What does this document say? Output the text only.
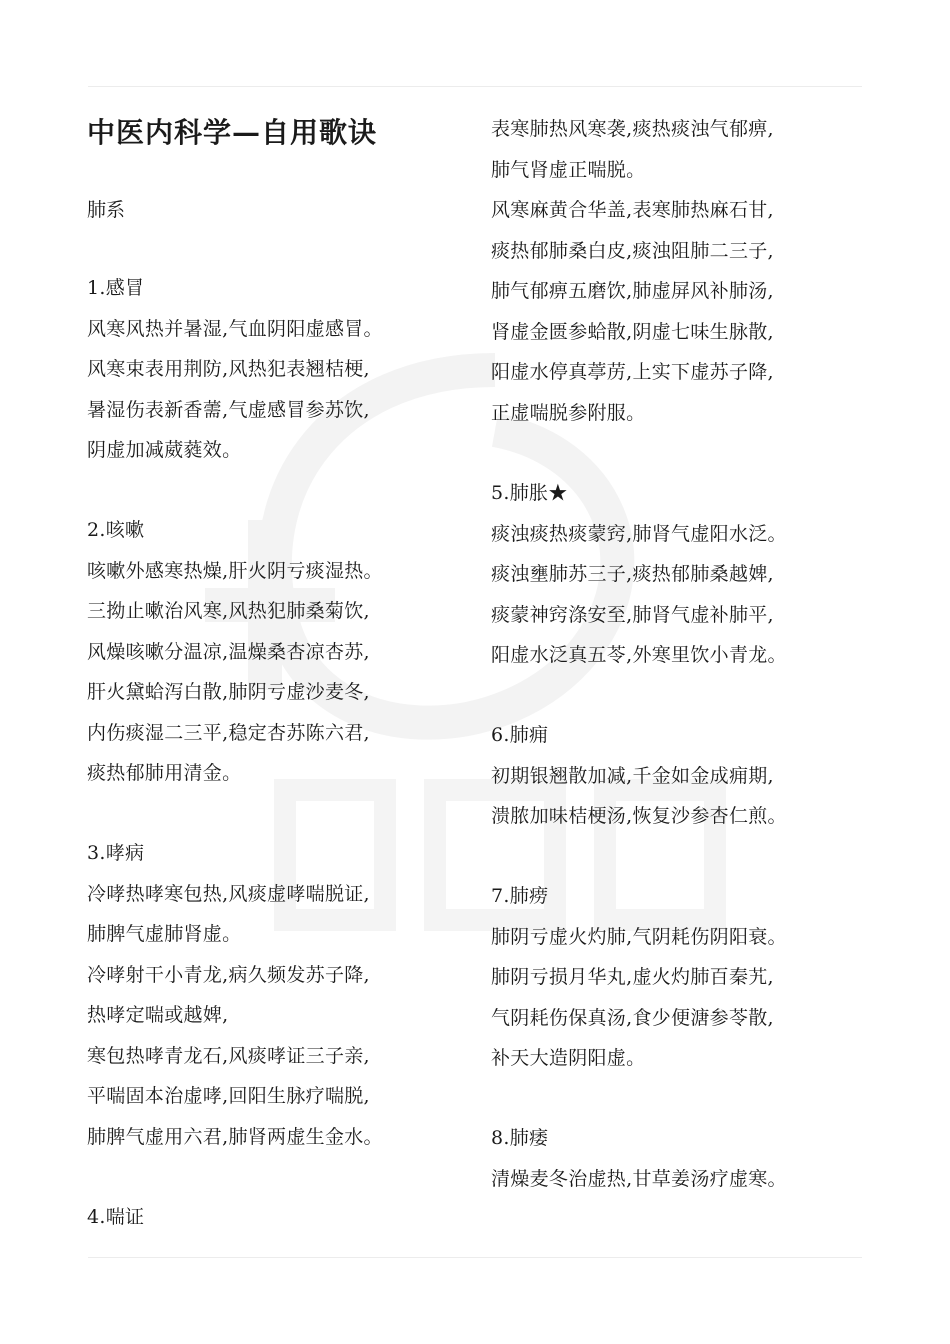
中医内科学—自用歌诀
肺系
1.感冒
风寒风热并暑湿,气血阴阳虚感冒。
风寒束表用荆防,风热犯表翘桔梗,
暑湿伤表新香薷,气虚感冒参苏饮,
阴虚加减葳蕤效。
2.咳嗽
咳嗽外感寒热燥,肝火阴亏痰湿热。
三拗止嗽治风寒,风热犯肺桑菊饮,
风燥咳嗽分温凉,温燥桑杏凉杏苏,
肝火黛蛤泻白散,肺阴亏虚沙麦冬,
内伤痰湿二三平,稳定杏苏陈六君,
痰热郁肺用清金。
3.哮病
冷哮热哮寒包热,风痰虚哮喘脱证,
肺脾气虚肺肾虚。
冷哮射干小青龙,病久频发苏子降,
热哮定喘或越婢,
寒包热哮青龙石,风痰哮证三子亲,
平喘固本治虚哮,回阳生脉疗喘脱,
肺脾气虚用六君,肺肾两虚生金水。
4.喘证
表寒肺热风寒袭,痰热痰浊气郁痹,
肺气肾虚正喘脱。
风寒麻黄合华盖,表寒肺热麻石甘,
痰热郁肺桑白皮,痰浊阻肺二三子,
肺气郁痹五磨饮,肺虚屏风补肺汤,
肾虚金匮参蛤散,阴虚七味生脉散,
阳虚水停真葶苈,上实下虚苏子降,
正虚喘脱参附服。
5.肺胀★
痰浊痰热痰蒙窍,肺肾气虚阳水泛。
痰浊壅肺苏三子,痰热郁肺桑越婢,
痰蒙神窍涤安至,肺肾气虚补肺平,
阳虚水泛真五苓,外寒里饮小青龙。
6.肺痈
初期银翘散加减,千金如金成痈期,
溃脓加味桔梗汤,恢复沙参杏仁煎。
7.肺痨
肺阴亏虚火灼肺,气阴耗伤阴阳衰。
肺阴亏损月华丸,虚火灼肺百秦艽,
气阴耗伤保真汤,食少便溏参苓散,
补天大造阴阳虚。
8.肺痿
清燥麦冬治虚热,甘草姜汤疗虚寒。
